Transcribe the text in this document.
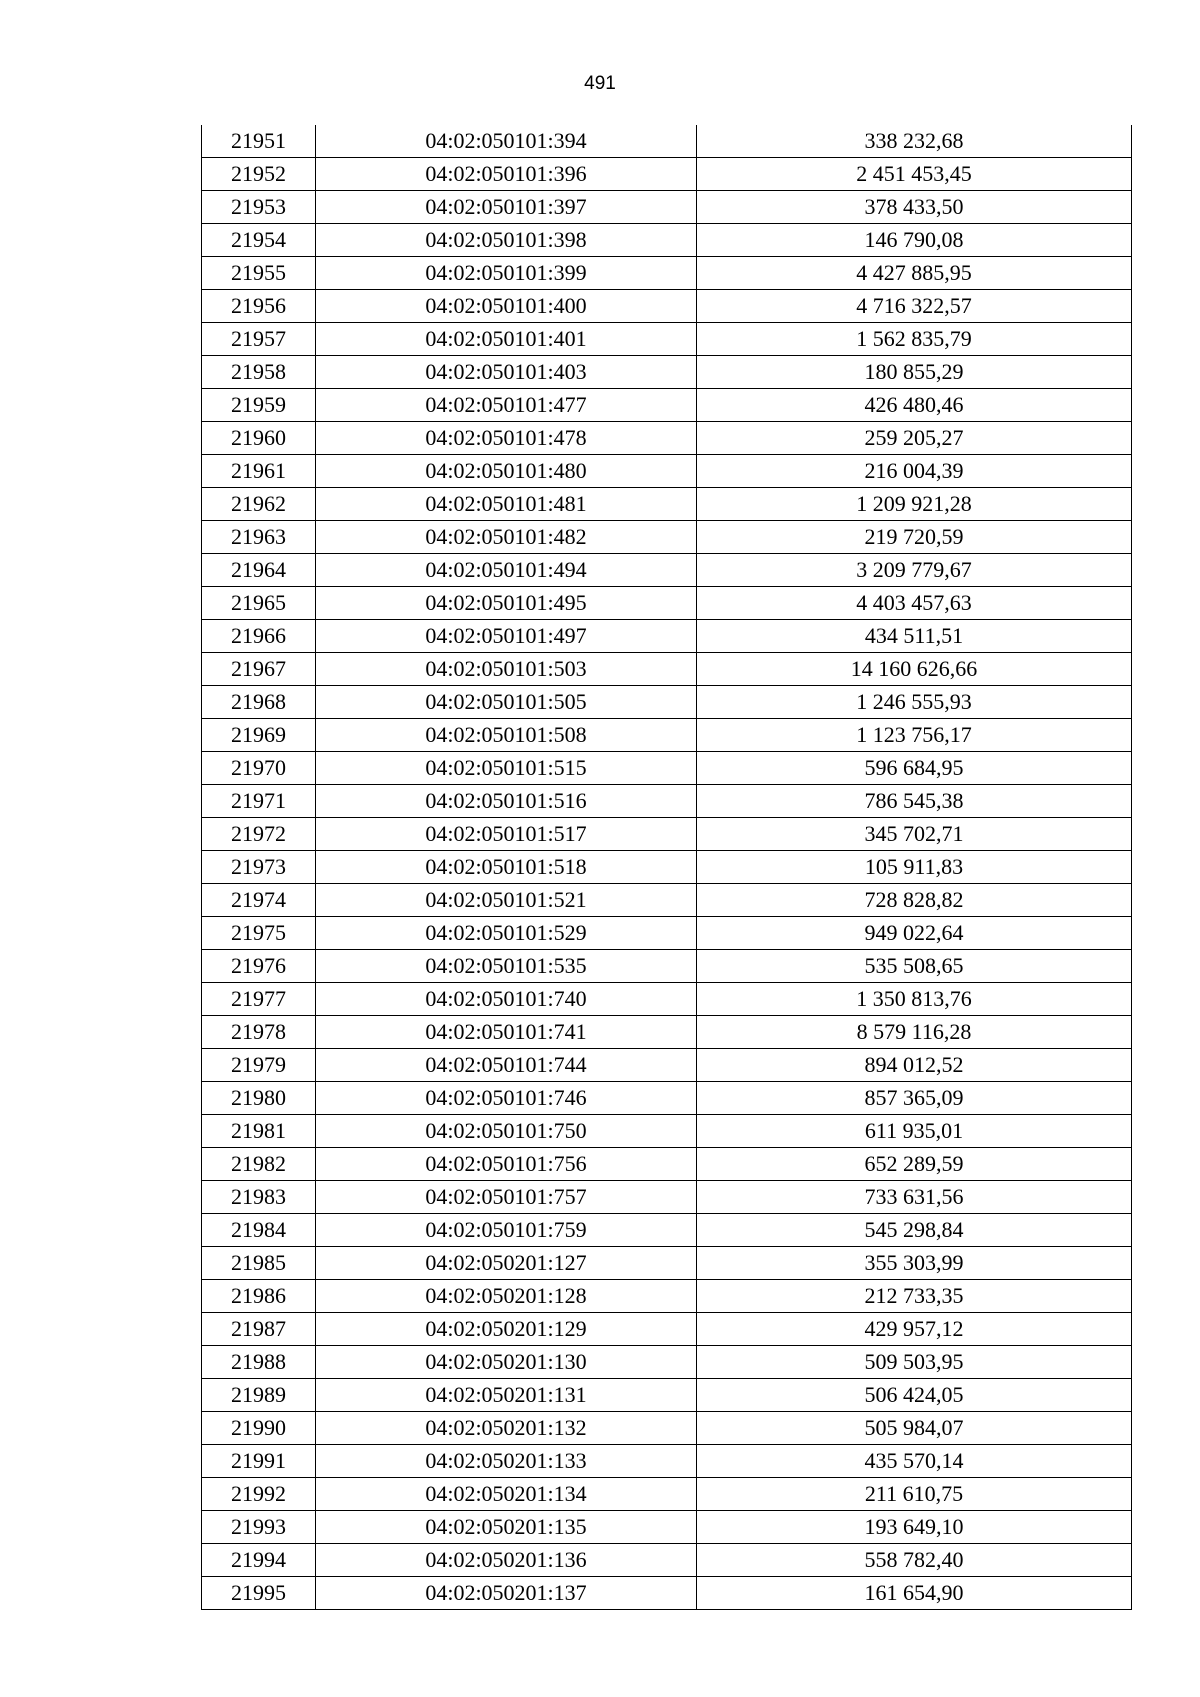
491
21951	04:02:050101:394	338 232,68
21952	04:02:050101:396	2 451 453,45
21953	04:02:050101:397	378 433,50
21954	04:02:050101:398	146 790,08
21955	04:02:050101:399	4 427 885,95
21956	04:02:050101:400	4 716 322,57
21957	04:02:050101:401	1 562 835,79
21958	04:02:050101:403	180 855,29
21959	04:02:050101:477	426 480,46
21960	04:02:050101:478	259 205,27
21961	04:02:050101:480	216 004,39
21962	04:02:050101:481	1 209 921,28
21963	04:02:050101:482	219 720,59
21964	04:02:050101:494	3 209 779,67
21965	04:02:050101:495	4 403 457,63
21966	04:02:050101:497	434 511,51
21967	04:02:050101:503	14 160 626,66
21968	04:02:050101:505	1 246 555,93
21969	04:02:050101:508	1 123 756,17
21970	04:02:050101:515	596 684,95
21971	04:02:050101:516	786 545,38
21972	04:02:050101:517	345 702,71
21973	04:02:050101:518	105 911,83
21974	04:02:050101:521	728 828,82
21975	04:02:050101:529	949 022,64
21976	04:02:050101:535	535 508,65
21977	04:02:050101:740	1 350 813,76
21978	04:02:050101:741	8 579 116,28
21979	04:02:050101:744	894 012,52
21980	04:02:050101:746	857 365,09
21981	04:02:050101:750	611 935,01
21982	04:02:050101:756	652 289,59
21983	04:02:050101:757	733 631,56
21984	04:02:050101:759	545 298,84
21985	04:02:050201:127	355 303,99
21986	04:02:050201:128	212 733,35
21987	04:02:050201:129	429 957,12
21988	04:02:050201:130	509 503,95
21989	04:02:050201:131	506 424,05
21990	04:02:050201:132	505 984,07
21991	04:02:050201:133	435 570,14
21992	04:02:050201:134	211 610,75
21993	04:02:050201:135	193 649,10
21994	04:02:050201:136	558 782,40
21995	04:02:050201:137	161 654,90
